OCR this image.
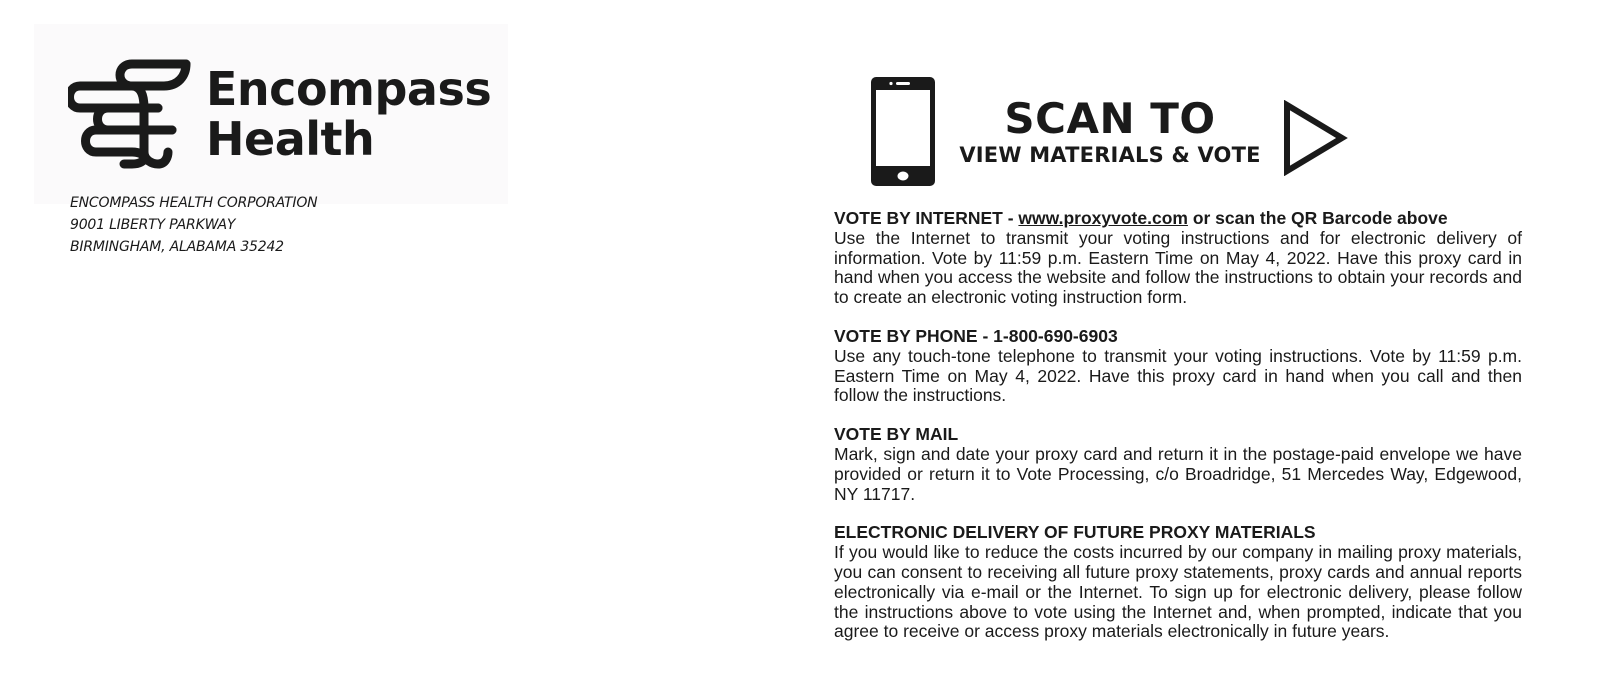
Encompass
Health
ENCOMPASS HEALTH CORPORATION
9001 LIBERTY PARKWAY
BIRMINGHAM, ALABAMA 35242
SCAN TO
VIEW MATERIALS & VOTE
VOTE BY INTERNET - www.proxyvote.com or scan the QR Barcode above
Use the Internet to transmit your voting instructions and for electronic delivery of information. Vote by 11:59 p.m. Eastern Time on May 4, 2022. Have this proxy card in hand when you access the website and follow the instructions to obtain your records and to create an electronic voting instruction form.
VOTE BY PHONE - 1-800-690-6903
Use any touch-tone telephone to transmit your voting instructions. Vote by 11:59 p.m. Eastern Time on May 4, 2022. Have this proxy card in hand when you call and then follow the instructions.
VOTE BY MAIL
Mark, sign and date your proxy card and return it in the postage-paid envelope we have provided or return it to Vote Processing, c/o Broadridge, 51 Mercedes Way, Edgewood, NY 11717.
ELECTRONIC DELIVERY OF FUTURE PROXY MATERIALS
If you would like to reduce the costs incurred by our company in mailing proxy materials, you can consent to receiving all future proxy statements, proxy cards and annual reports electronically via e-mail or the Internet. To sign up for electronic delivery, please follow the instructions above to vote using the Internet and, when prompted, indicate that you agree to receive or access proxy materials electronically in future years.
